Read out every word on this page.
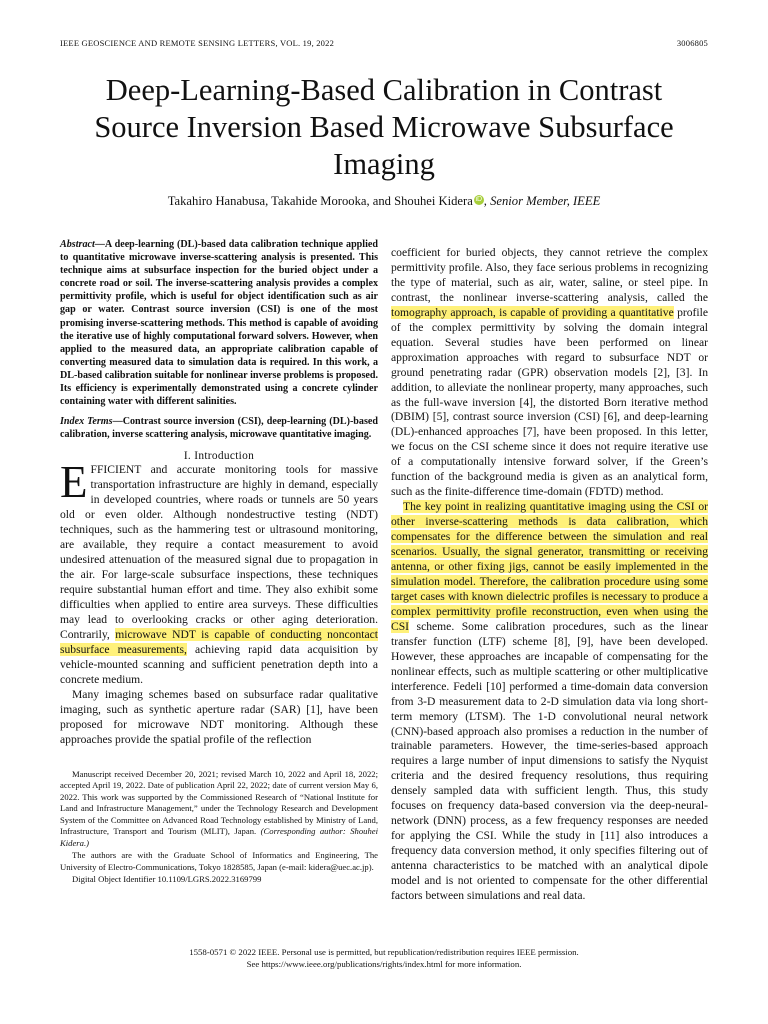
IEEE GEOSCIENCE AND REMOTE SENSING LETTERS, VOL. 19, 2022	3006805
Deep-Learning-Based Calibration in Contrast Source Inversion Based Microwave Subsurface Imaging
Takahiro Hanabusa, Takahide Morooka, and Shouhei Kidera iD , Senior Member, IEEE

Abstract—A deep-learning (DL)-based data calibration technique applied to quantitative microwave inverse-scattering analysis is presented. This technique aims at subsurface inspection for the buried object under a concrete road or soil. The inverse-scattering analysis provides a complex permittivity profile, which is useful for object identification such as air gap or water. Contrast source inversion (CSI) is one of the most promising inverse-scattering methods. This method is capable of avoiding the iterative use of highly computational forward solvers. However, when applied to the measured data, an appropriate calibration capable of converting measured data to simulation data is required. In this work, a DL-based calibration suitable for nonlinear inverse problems is proposed. Its efficiency is experimentally demonstrated using a concrete cylinder containing water with different salinities.

Index Terms—Contrast source inversion (CSI), deep-learning (DL)-based calibration, inverse scattering analysis, microwave quantitative imaging.

I. Introduction

EFFICIENT and accurate monitoring tools for massive transportation infrastructure are highly in demand, especially in developed countries, where roads or tunnels are 50 years old or even older. Although nondestructive testing (NDT) techniques, such as the hammering test or ultrasound monitoring, are available, they require a contact measurement to avoid undesired attenuation of the measured signal due to propagation in the air. For large-scale subsurface inspections, these techniques require substantial human effort and time. They also exhibit some difficulties when applied to entire area surveys. These difficulties may lead to overlooking cracks or other aging deterioration. Contrarily, microwave NDT is capable of conducting noncontact subsurface measurements, achieving rapid data acquisition by vehicle-mounted scanning and sufficient penetration depth into a concrete medium.

Many imaging schemes based on subsurface radar qualitative imaging, such as synthetic aperture radar (SAR) [1], have been proposed for microwave NDT monitoring. Although these approaches provide the spatial profile of the reflection

Manuscript received December 20, 2021; revised March 10, 2022 and April 18, 2022; accepted April 19, 2022. Date of publication April 22, 2022; date of current version May 6, 2022. This work was supported by the Commissioned Research of “National Institute for Land and Infrastructure Management,” under the Technology Research and Development System of the Committee on Advanced Road Technology established by Ministry of Land, Infrastructure, Transport and Tourism (MLIT), Japan. (Corresponding author: Shouhei Kidera.)

The authors are with the Graduate School of Informatics and Engineering, The University of Electro-Communications, Tokyo 1828585, Japan (e-mail: kidera@uec.ac.jp).

Digital Object Identifier 10.1109/LGRS.2022.3169799

coefficient for buried objects, they cannot retrieve the complex permittivity profile. Also, they face serious problems in recognizing the type of material, such as air, water, saline, or steel pipe. In contrast, the nonlinear inverse-scattering analysis, called the tomography approach, is capable of providing a quantitative profile of the complex permittivity by solving the domain integral equation. Several studies have been performed on linear approximation approaches with regard to subsurface NDT or ground penetrating radar (GPR) observation models [2], [3]. In addition, to alleviate the nonlinear property, many approaches, such as the full-wave inversion [4], the distorted Born iterative method (DBIM) [5], contrast source inversion (CSI) [6], and deep-learning (DL)-enhanced approaches [7], have been proposed. In this letter, we focus on the CSI scheme since it does not require iterative use of a computationally intensive forward solver, if the Green’s function of the background media is given as an analytical form, such as the finite-difference time-domain (FDTD) method.

The key point in realizing quantitative imaging using the CSI or other inverse-scattering methods is data calibration, which compensates for the difference between the simulation and real scenarios. Usually, the signal generator, transmitting or receiving antenna, or other fixing jigs, cannot be easily implemented in the simulation model. Therefore, the calibration procedure using some target cases with known dielectric profiles is necessary to produce a complex permittivity profile reconstruction, even when using the CSI scheme. Some calibration procedures, such as the linear transfer function (LTF) scheme [8], [9], have been developed. However, these approaches are incapable of compensating for the nonlinear effects, such as multiple scattering or other multiplicative interference. Fedeli [10] performed a time-domain data conversion from 3-D measurement data to 2-D simulation data via long short-term memory (LTSM). The 1-D convolutional neural network (CNN)-based approach also promises a reduction in the number of trainable parameters. However, the time-series-based approach requires a large number of input dimensions to satisfy the Nyquist criteria and the desired frequency resolutions, thus requiring densely sampled data with sufficient length. Thus, this study focuses on frequency data-based conversion via the deep-neural-network (DNN) process, as a few frequency responses are needed for applying the CSI. While the study in [11] also introduces a frequency data conversion method, it only specifies filtering out of antenna characteristics to be matched with an analytical dipole model and is not oriented to compensate for the other differential factors between simulations and real data.

1558-0571 © 2022 IEEE. Personal use is permitted, but republication/redistribution requires IEEE permission.
See https://www.ieee.org/publications/rights/index.html for more information.
